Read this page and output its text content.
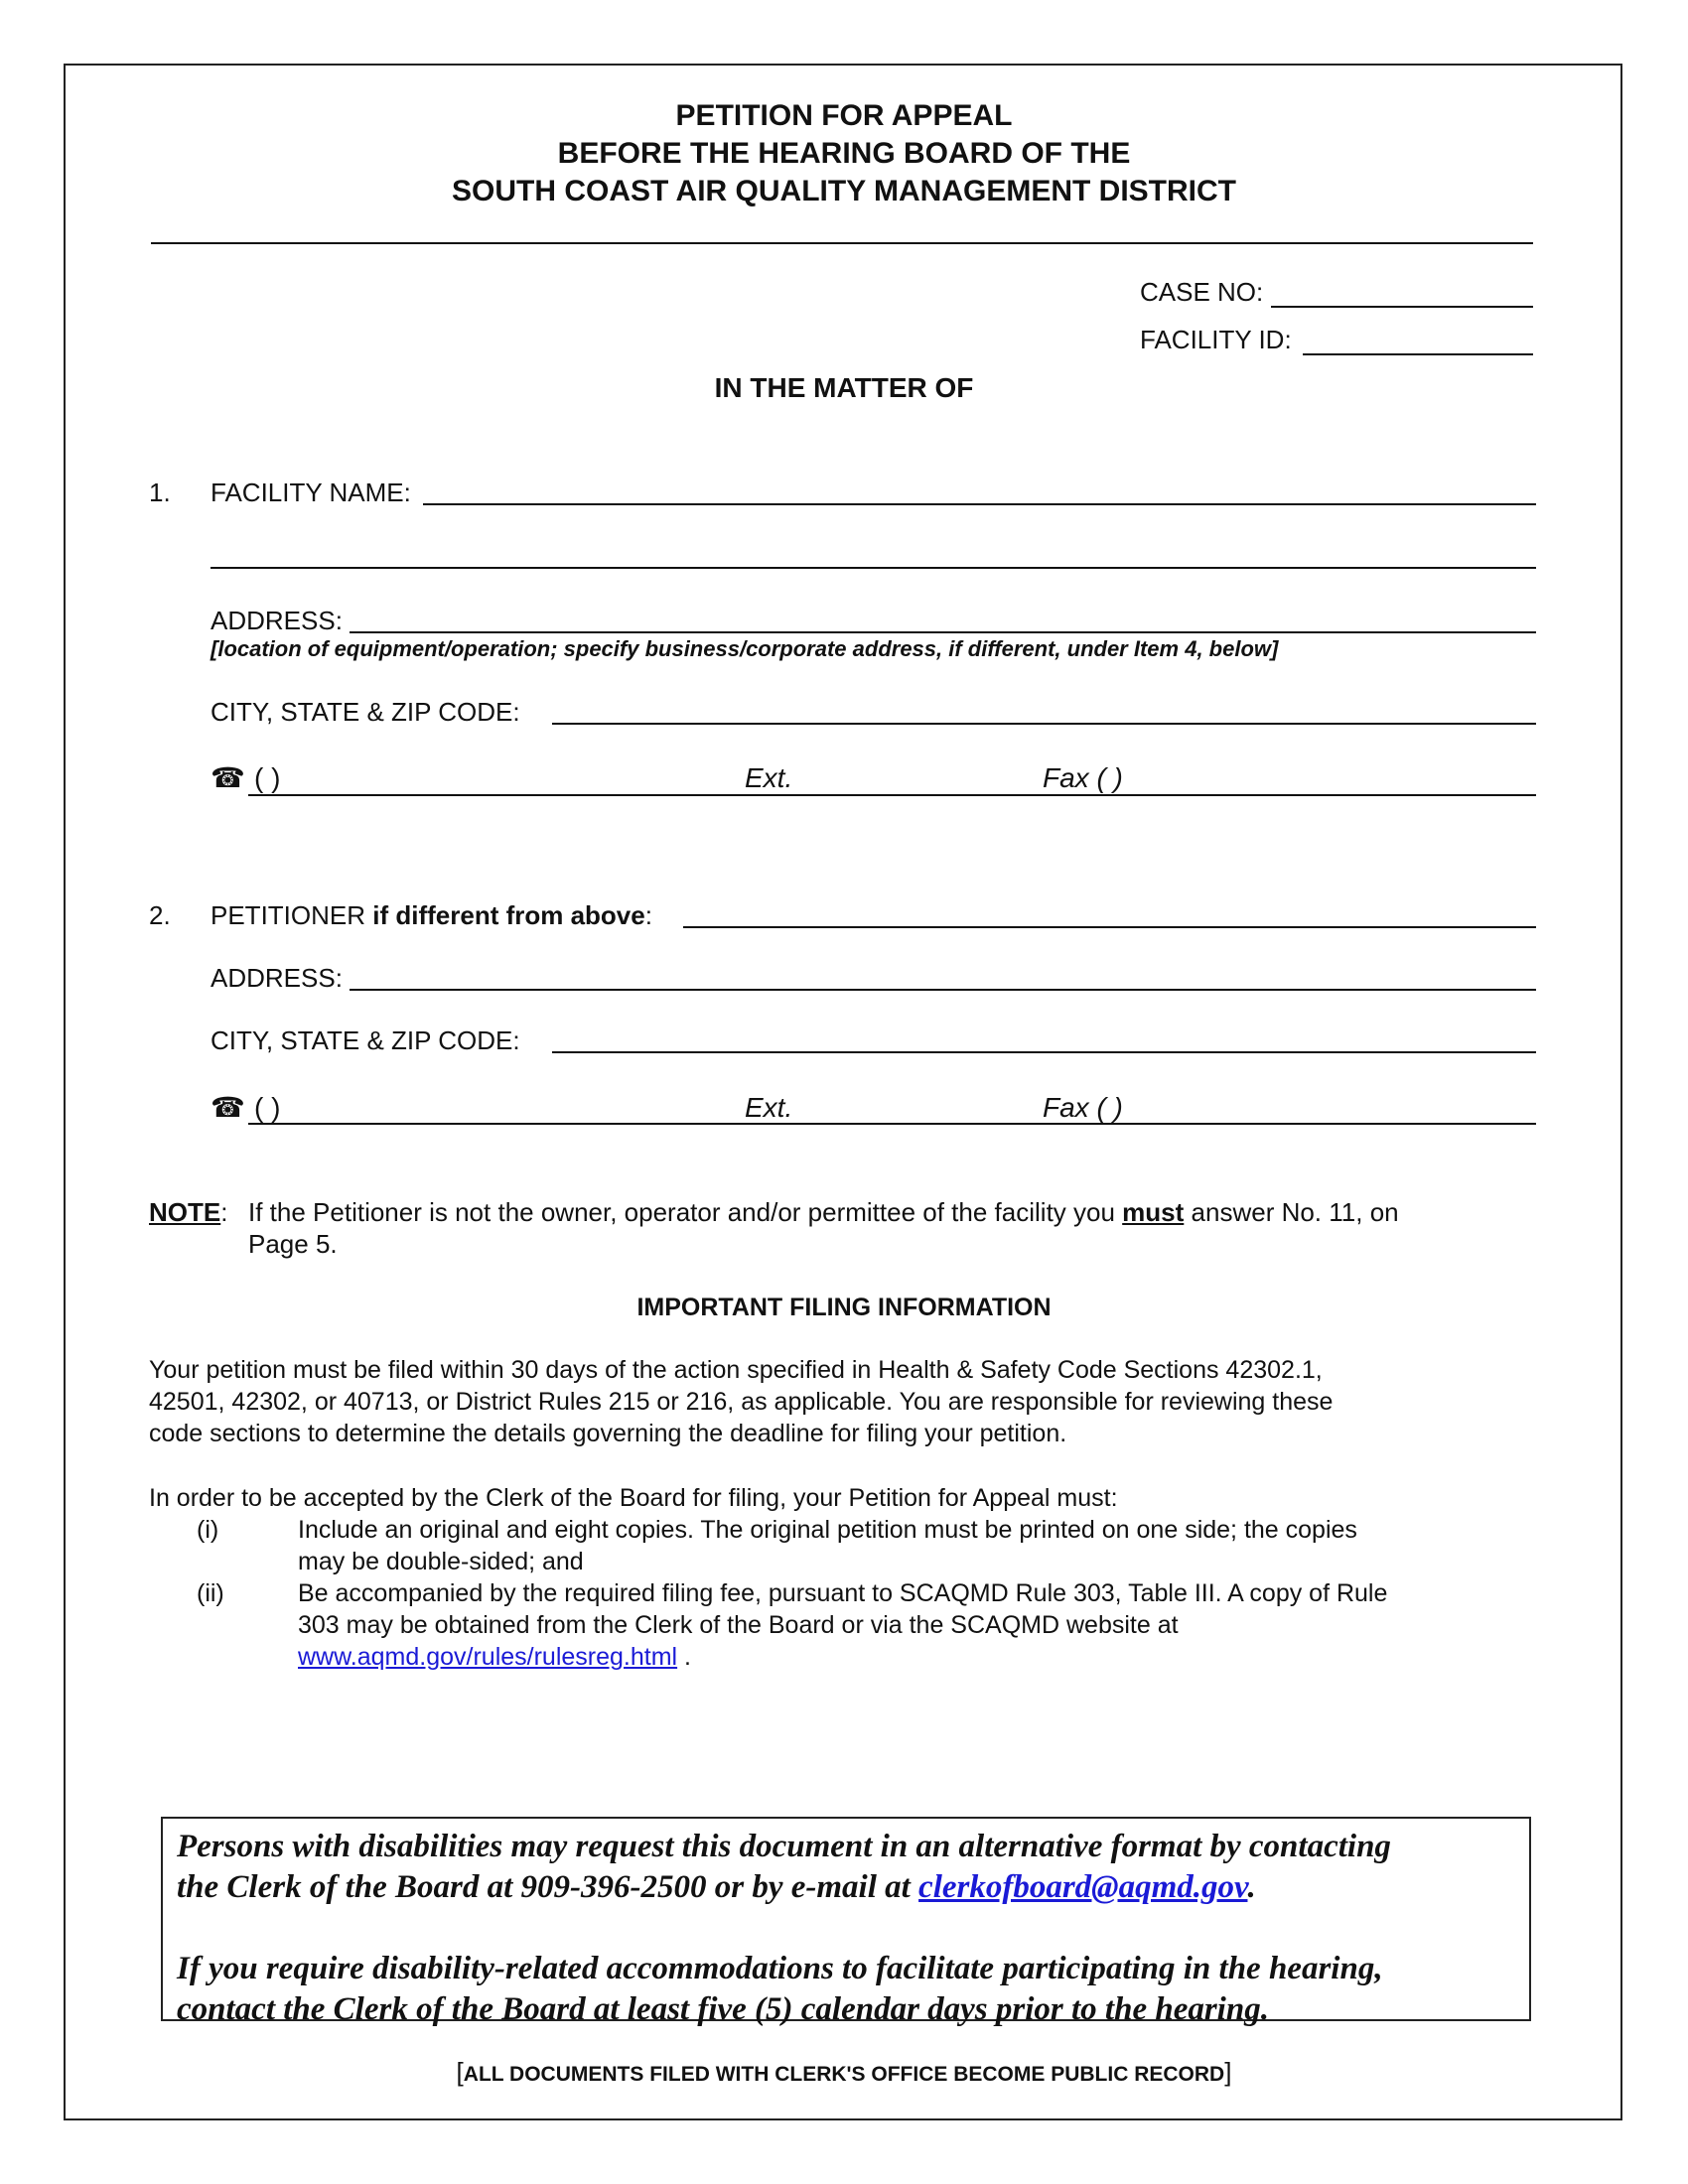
PETITION FOR APPEAL
BEFORE THE HEARING BOARD OF THE
SOUTH COAST AIR QUALITY MANAGEMENT DISTRICT
CASE NO:
FACILITY ID:
IN THE MATTER OF
1. FACILITY NAME:
ADDRESS:
[location of equipment/operation; specify business/corporate address, if different, under Item 4, below]
CITY, STATE & ZIP CODE:
☎ ( )	Ext.	Fax ( )
2. PETITIONER if different from above:
ADDRESS:
CITY, STATE & ZIP CODE:
☎ ( )	Ext.	Fax ( )
NOTE: If the Petitioner is not the owner, operator and/or permittee of the facility you must answer No. 11, on
Page 5.
IMPORTANT FILING INFORMATION
Your petition must be filed within 30 days of the action specified in Health & Safety Code Sections 42302.1,
42501, 42302, or 40713, or District Rules 215 or 216, as applicable. You are responsible for reviewing these
code sections to determine the details governing the deadline for filing your petition.
In order to be accepted by the Clerk of the Board for filing, your Petition for Appeal must:
(i)	Include an original and eight copies. The original petition must be printed on one side; the copies
may be double-sided; and
(ii)	Be accompanied by the required filing fee, pursuant to SCAQMD Rule 303, Table III. A copy of Rule
303 may be obtained from the Clerk of the Board or via the SCAQMD website at
www.aqmd.gov/rules/rulesreg.html .

Persons with disabilities may request this document in an alternative format by contacting

the Clerk of the Board at 909-396-2500 or by e-mail at clerkofboard@aqmd.gov.

If you require disability-related accommodations to facilitate participating in the hearing,

contact the Clerk of the Board at least five (5) calendar days prior to the hearing.

[ALL DOCUMENTS FILED WITH CLERK'S OFFICE BECOME PUBLIC RECORD]
